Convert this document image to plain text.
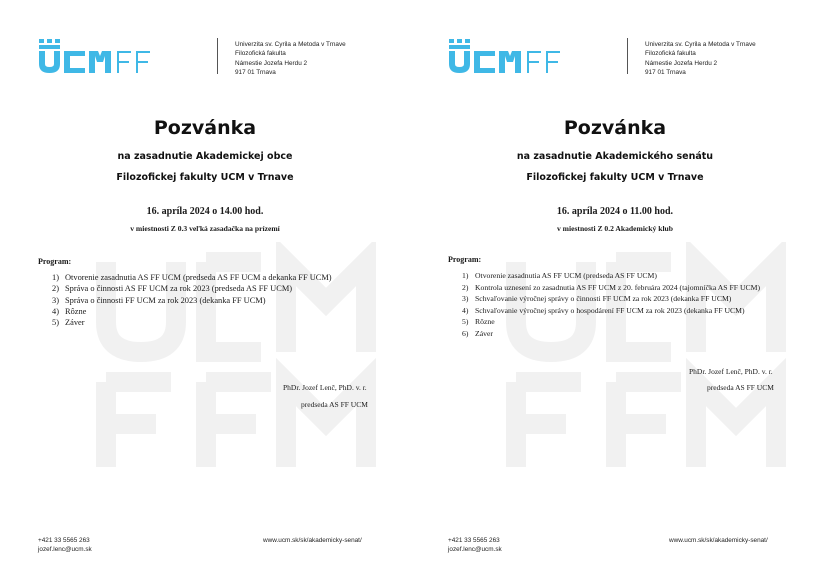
Univerzita sv. Cyrila a Metoda v Trnave
Filozofická fakulta
Námestie Jozefa Herdu 2
917 01 Trnava
Pozvánka
na zasadnutie Akademickej obce
Filozofickej fakulty UCM v Trnave
16. apríla 2024 o 14.00 hod.
v miestnosti Z 0.3 veľká zasadačka na prízemí
Program:
1) Otvorenie zasadnutia AS FF UCM (predseda AS FF UCM a dekanka FF UCM)
2) Správa o činnosti AS FF UCM za rok 2023 (predseda AS FF UCM)
3) Správa o činnosti FF UCM za rok 2023 (dekanka FF UCM)
4) Rôzne
5) Záver
PhDr. Jozef Lenč, PhD. v. r.
predseda AS FF UCM
+421 33 5565 263
jozef.lenc@ucm.sk
www.ucm.sk/sk/akademicky-senat/
Univerzita sv. Cyrila a Metoda v Trnave
Filozofická fakulta
Námestie Jozefa Herdu 2
917 01 Trnava
Pozvánka
na zasadnutie Akademického senátu
Filozofickej fakulty UCM v Trnave
16. apríla 2024 o 11.00 hod.
v miestnosti Z 0.2 Akademický klub
Program:
1) Otvorenie zasadnutia AS FF UCM (predseda AS FF UCM)
2) Kontrola uznesení zo zasadnutia AS FF UCM z 20. februára 2024 (tajomníčka AS FF UCM)
3) Schvaľovanie výročnej správy o činnosti FF UCM za rok 2023 (dekanka FF UCM)
4) Schvaľovanie výročnej správy o hospodárení FF UCM za rok 2023 (dekanka FF UCM)
5) Rôzne
6) Záver
PhDr. Jozef Lenč, PhD. v. r.
predseda AS FF UCM
+421 33 5565 263
jozef.lenc@ucm.sk
www.ucm.sk/sk/akademicky-senat/
